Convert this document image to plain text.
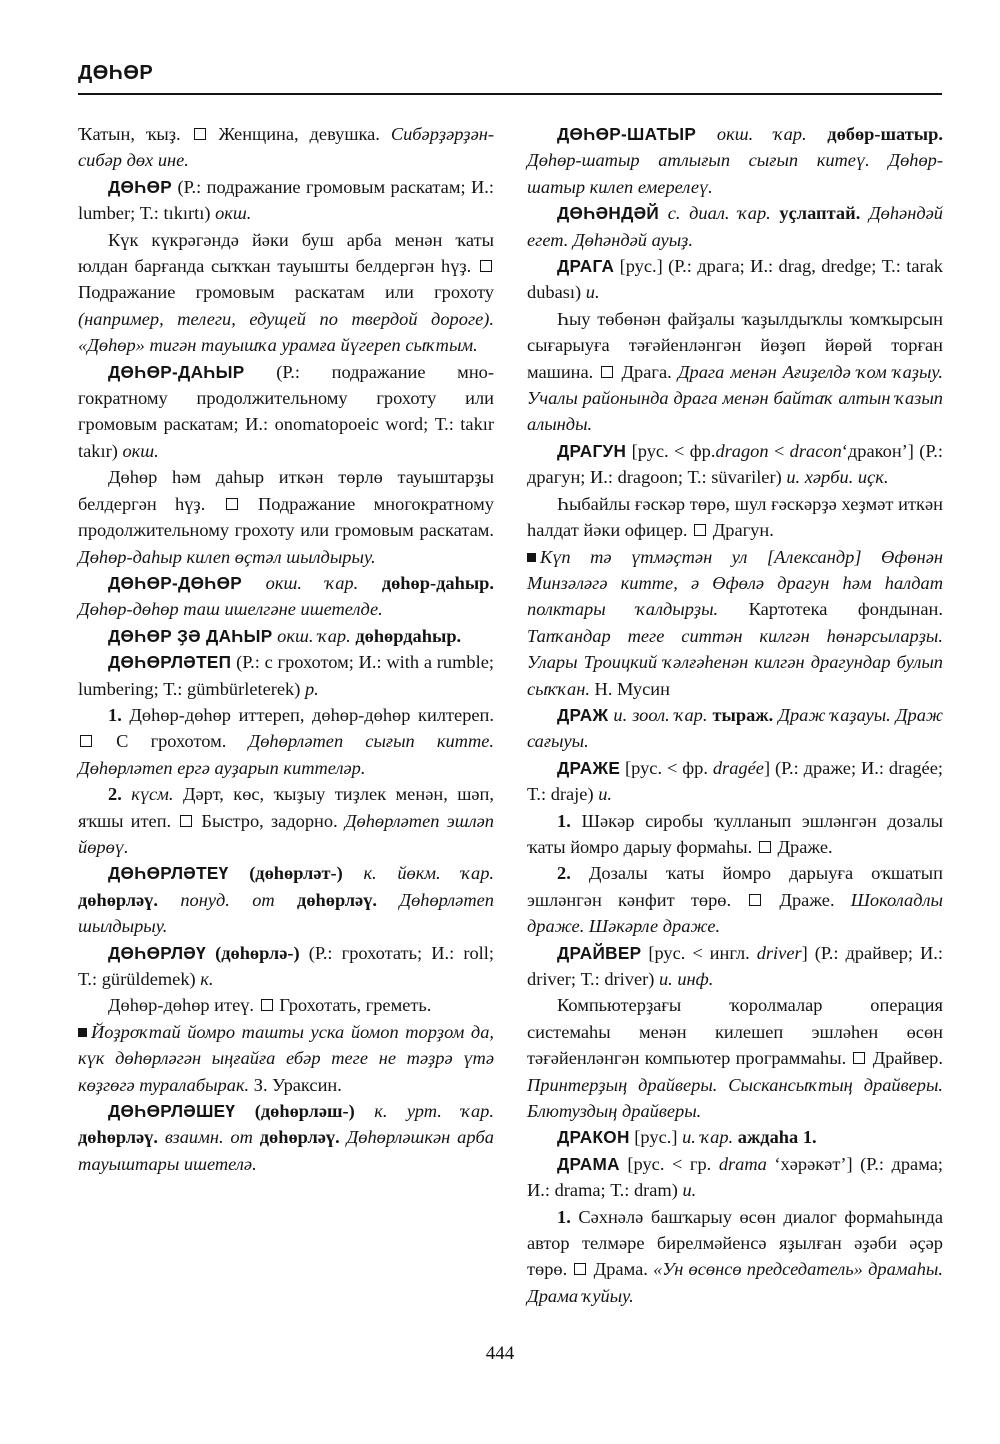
ДӨҺӨР

Ҡатын, ҡыҙ. Женщина, девушка. Сибәрҙәрҙән-сибәр дөх ине.

ДӨҺӨР (Р.: подражание громовым раскатам; И.: lumber; Т.: tıkırtı) окш.

Күк күкрәгәндә йәки буш арба менән ҡаты юлдан барғанда сыҡҡан тауышты белдергән һүҙ.  Подражание громовым раскатам или грохоту (например, телеги, едущей по твердой дороге). «Дөһөр» тигән тауышҡа урамға йүгереп сыҡтым.

ДӨҺӨР-ДАҺЫР (Р.: подражание многократному продолжительному грохоту или громовым раскатам; И.: onomatopoeic word; Т.: takır takır) окш.

Дөһөр һәм даһыр иткән төрлө тауыштарҙы белдергән һүҙ.	Подражание многократному продолжительному грохоту или громовым раскатам. Дөһөр-даһыр килеп өҫтәл шылдырыу.

ДӨҺӨР-ДӨҺӨР окш. ҡар. дөһөр-даһыр. Дөһөр-дөһөр таш ишелгәне ишетелде.

ДӨҺӨР ҘӘ ДАҺЫР окш. ҡар. дөһөрдаһыр.

ДӨҺӨРЛӘТЕП (Р.: с грохотом; И.: with a rumble; lumbering; Т.: gümbürleterek) р.

1. Дөһөр-дөһөр иттереп, дөһөр-дөһөр килтереп.  С грохотом. Дөһөрләтеп сығып китте. Дөһөрләтеп ергә ауҙарып киттеләр.

2. күсм. Дәрт, көс, ҡыҙыу тиҙлек менән, шәп, яҡшы итеп. Быстро, задорно. Дөһөрләтеп эшләп йөрөү.

ДӨҺӨРЛӘТЕҮ (дөһөрләт-) к. йөкм. ҡар. дөһөрләү. понуд. от дөһөрләү. Дөһөрләтеп шылдырыу.

ДӨҺӨРЛӘҮ (дөһөрлә-) (Р.: грохотать; И.: roll; Т.: gürüldemek) к.

Дөһөр-дөһөр итеү. Грохотать, греметь.
Йоҙроҡтай йомро ташты уска йомоп торҙом да, күк дөһөрләгән ыңғайға ебәр теге не тәҙрә үтә көҙгөгә туралабырак. З. Ураксин.

ДӨҺӨРЛӘШЕҮ (дөһөрләш-) к. урт. ҡар. дөһөрләү. взаимн. от дөһөрләү. Дөһөрләшкән арба тауыштары ишетелә.

ДӨҺӨР-ШАТЫР окш. ҡар. дөбөр-шатыр. Дөһөр-шатыр атлығып сығып китеү. Дөһөр-шатыр килеп емерелеү.

ДӨҺӘНДӘЙ с. диал. ҡар. уҫлаптай. Дөһәндәй егет. Дөһәндәй ауыҙ.

ДРАГА [рус.] (Р.: драга; И.: drag, dredge; Т.: tarak dubası) и.

Һыу төбөнән файҙалы ҡаҙылдыҡлы ҡомҡырсын сығарыуға тәғәйенләнгән йөҙөп йөрөй торған машина. Драга. Драга менән Ағиҙелдә ҡом ҡаҙыу. Учалы районында драга менән байтаҡ алтын ҡазып алынды.

ДРАГУН [рус. < фр.dragon < dracon‘дракон’] (Р.: драгун; И.: dragoon; Т.: süvariler) и. хәрби. иҫк.

Һыбайлы ғәскәр төрө, шул ғәскәрҙә хеҙмәт иткән һалдат йәки офицер. Драгун.
Күп тә үтмәҫтән ул [Александр] Өфөнән Минзәләгә китте, ә Өфөлә драгун һәм һалдат полктары ҡалдырҙы. Картотека фондынан. Тапҡандар теге ситтән килгән һөнәрсыларҙы. Улары Троицкий ҡәлғәһенән килгән драгундар булып сыҡҡан. Н. Мусин

ДРАЖ и. зоол. ҡар. тыраж. Драж ҡаҙауы. Драж сағыуы.

ДРАЖЕ [рус. < фр. dragée] (Р.: драже; И.: dragée; Т.: draje) и.

1. Шәкәр сиробы ҡулланып эшләнгән дозалы ҡаты йомро дарыу формаһы. Драже.

2. Дозалы ҡаты йомро дарыуға оҡшатып эшләнгән кәнфит төрө.	Драже. Шоколадлы драже. Шәкәрле драже.

ДРАЙВЕР [рус. < ингл. driver] (Р.: драйвер; И.: driver; Т.: driver) и. инф.

Компьютерҙағы ҡоролмалар операция системаһы менән килешеп эшләһен өсөн тәғәйенләнгән компьютер программаһы. Драйвер. Принтерҙың драйверы. Сыскансыҡтың драйверы. Блютуздың драйверы.

ДРАКОН [рус.] и. ҡар. аждаһа 1.

ДРАМА [рус. < гр. drama ‘хәрәкәт’] (Р.: драма; И.: drama; Т.: dram) и.

1. Сәхнәлә башҡарыу өсөн диалог формаһында автор телмәре бирелмәйенсә яҙылған әҙәби әҫәр төрө. Драма. «Ун өсөнсө председатель» драмаһы. Драма ҡуйыу.

444
